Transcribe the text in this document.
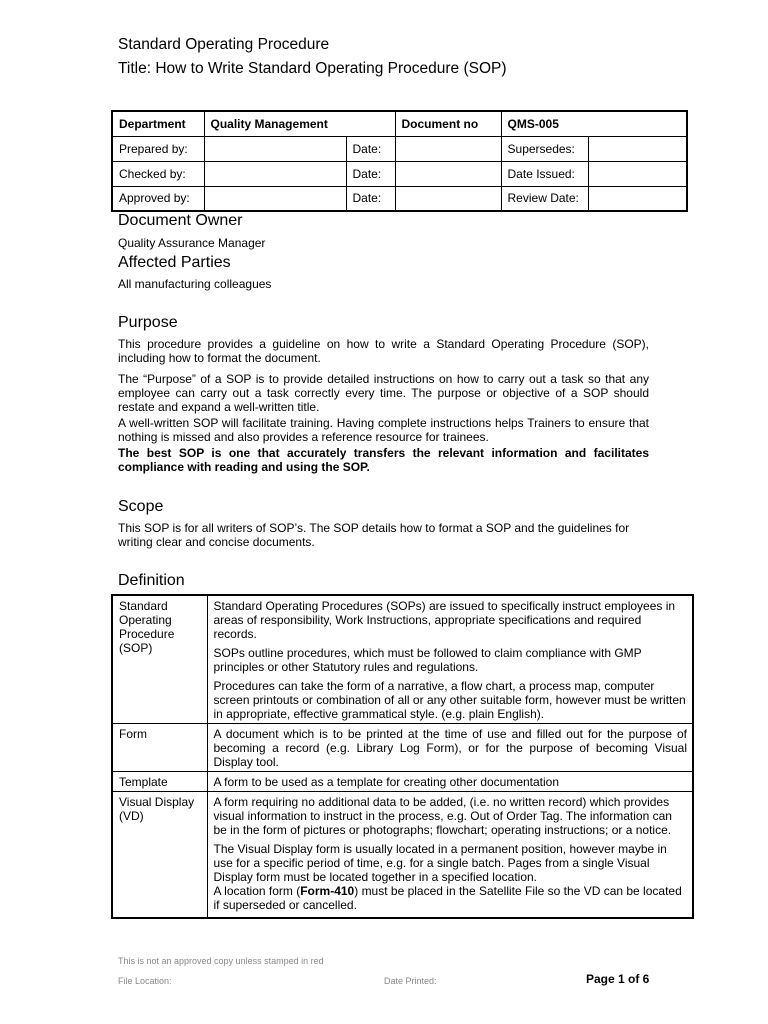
Standard Operating Procedure
Title: How to Write Standard Operating Procedure (SOP)
Department	Quality Management		Document no	QMS-005	
Prepared by:		Date:		Supersedes:	
Checked by:		Date:		Date Issued:	
Approved by:		Date:		Review Date:	
Document Owner
Quality Assurance Manager
Affected Parties
All manufacturing colleagues
Purpose
This procedure provides a guideline on how to write a Standard Operating Procedure (SOP), including how to format the document.
The “Purpose” of a SOP is to provide detailed instructions on how to carry out a task so that any employee can carry out a task correctly every time. The purpose or objective of a SOP should restate and expand a well-written title.
A well-written SOP will facilitate training. Having complete instructions helps Trainers to ensure that nothing is missed and also provides a reference resource for trainees.
The best SOP is one that accurately transfers the relevant information and facilitates compliance with reading and using the SOP.
Scope
This SOP is for all writers of SOP’s. The SOP details how to format a SOP and the guidelines for writing clear and concise documents.
Definition
Standard Operating Procedure (SOP)	Standard Operating Procedures (SOPs) are issued to specifically instruct employees in areas of responsibility, Work Instructions, appropriate specifications and required records.

SOPs outline procedures, which must be followed to claim compliance with GMP principles or other Statutory rules and regulations.

Procedures can take the form of a narrative, a flow chart, a process map, computer screen printouts or combination of all or any other suitable form, however must be written in appropriate, effective grammatical style. (e.g. plain English).

Form	A document which is to be printed at the time of use and filled out for the purpose of becoming a record (e.g. Library Log Form), or for the purpose of becoming Visual Display tool.

Template	A form to be used as a template for creating other documentation

Visual Display (VD)	A form requiring no additional data to be added, (i.e. no written record) which provides visual information to instruct in the process, e.g. Out of Order Tag. The information can be in the form of pictures or photographs; flowchart; operating instructions; or a notice.

The Visual Display form is usually located in a permanent position, however maybe in use for a specific period of time, e.g. for a single batch. Pages from a single Visual Display form must be located together in a specified location.

A location form (Form-410) must be placed in the Satellite File so the VD can be located if superseded or cancelled.

This is not an approved copy unless stamped in red
File Location:	Date Printed:	Page 1 of 6
